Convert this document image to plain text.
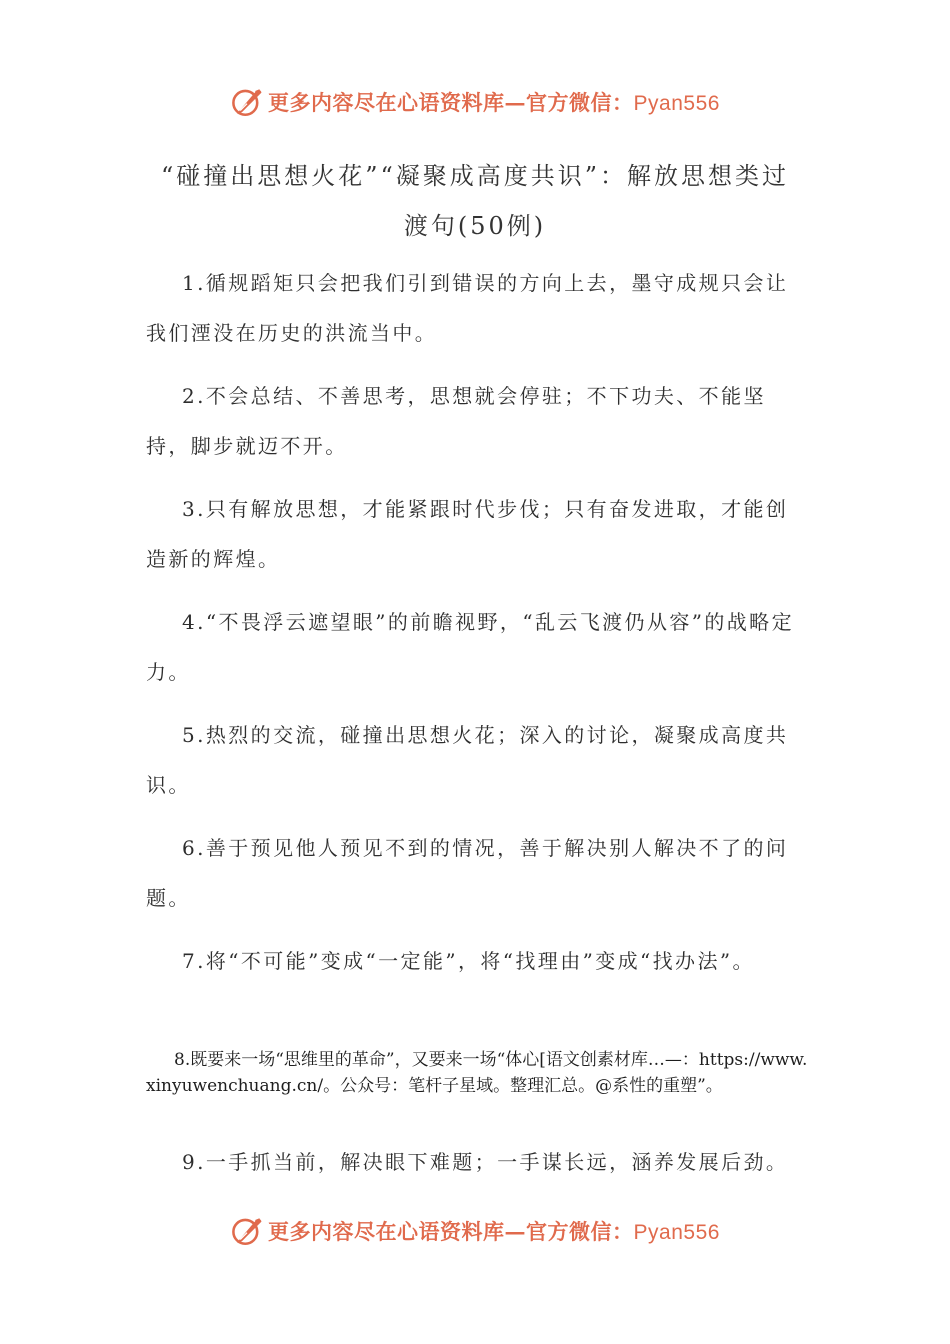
更多内容尽在心语资料库—官方微信：Pyan556
“碰撞出思想火花”“凝聚成高度共识”：解放思想类过
渡句(50例)

1.循规蹈矩只会把我们引到错误的方向上去，墨守成规只会让我们湮没在历史的洪流当中。

2.不会总结、不善思考，思想就会停驻；不下功夫、不能坚持，脚步就迈不开。

3.只有解放思想，才能紧跟时代步伐；只有奋发进取，才能创造新的辉煌。

4.“不畏浮云遮望眼”的前瞻视野，“乱云飞渡仍从容”的战略定力。

5.热烈的交流，碰撞出思想火花；深入的讨论，凝聚成高度共识。

6.善于预见他人预见不到的情况，善于解决别人解决不了的问题。

7.将“不可能”变成“一定能”，将“找理由”变成“找办法”。

8.既要来一场“思维里的革命”，又要来一场“体心[语文创素材库…—：https://www.xinyuwenchuang.cn/。公众号：笔杆子星域。整理汇总。@系性的重塑”。

9.一手抓当前，解决眼下难题；一手谋长远，涵养发展后劲。

更多内容尽在心语资料库—官方微信：Pyan556
